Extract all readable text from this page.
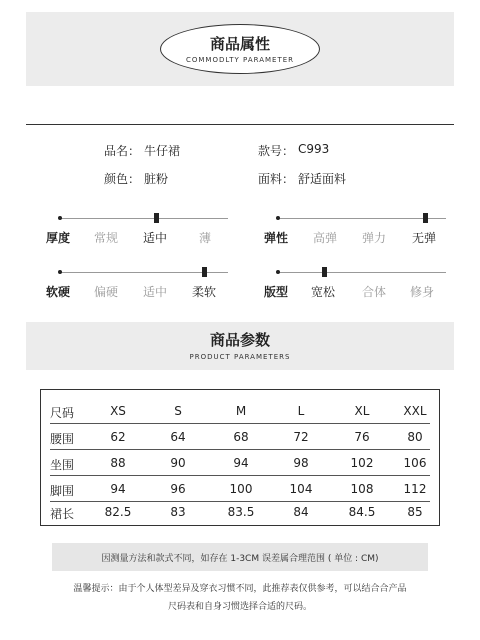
商品属性
COMMODLTY PARAMETER
品名： 牛仔裙	款号： C993
颜色： 脏粉	面料： 舒适面料
厚度 常规 适中	薄	弹性 高弹 弹力 无弹
软硬 偏硬 适中 柔软	版型 宽松 合体 修身
商品参数
PRODUCT PARAMETERS
尺码	XS	S	M	L	XL	XXL
腰围	62	64	68	72	76	80
坐围	88	90	94	98	102	106
脚围	94	96	100	104	108	112
裙长	82.5	83	83.5	84	84.5	85
因测量方法和款式不同，如存在 1-3CM 误差属合理范围 ( 单位 : CM)
温馨提示：由于个人体型差异及穿衣习惯不同，此推荐表仅供参考，可以结合合产品
尺码表和自身习惯选择合适的尺码。
